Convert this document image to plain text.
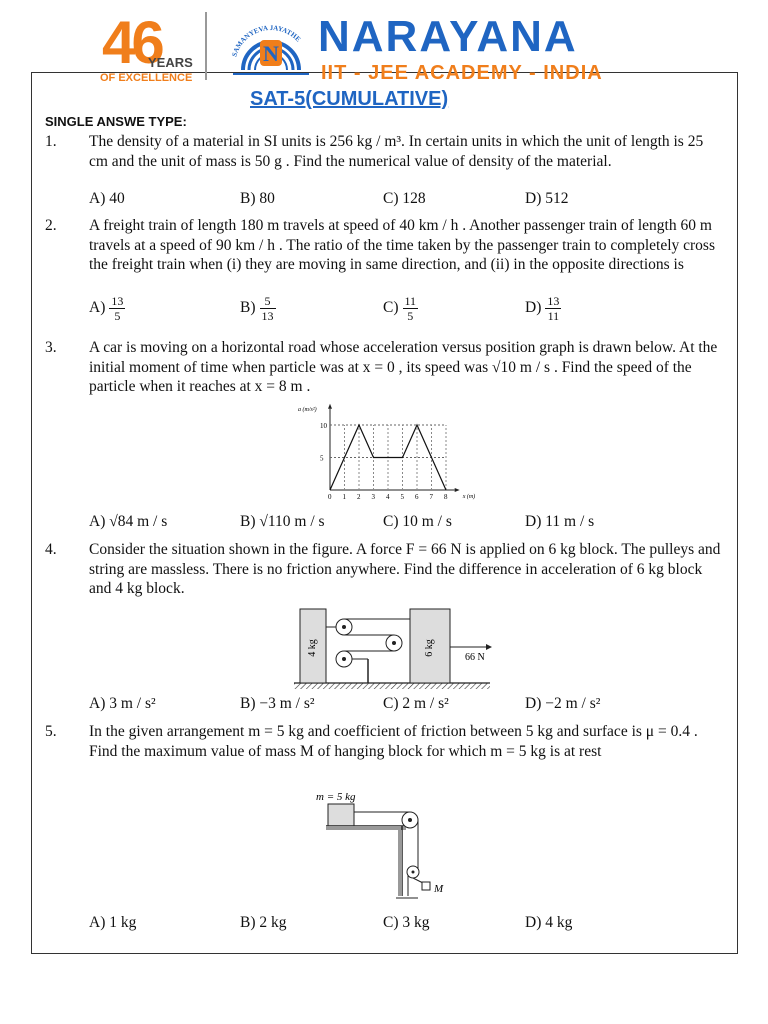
46
YEARS
OF EXCELLENCE
SAMANYEVA JAYATHE
N NARAYANA
IIT - JEE ACADEMY - INDIA
SAT-5(CUMULATIVE)
SINGLE ANSWE TYPE:
1. The density of a material in SI units is 256 kg / m³. In certain units in which the unit of length is 25 cm and the unit of mass is 50 g . Find the numerical value of density of the material.
A) 40	B) 80	C) 128	D) 512
2. A freight train of length 180 m travels at speed of 40 km / h . Another passenger train of length 60 m travels at a speed of 90 km / h . The ratio of the time taken by the passenger train to completely cross the freight train when (i) they are moving in same direction, and (ii) in the opposite directions is
$A) \frac{13}{5}$	$B) \frac{5}{13}$	$C) \frac{11}{5}$	$D) \frac{13}{11}$
3. A car is moving on a horizontal road whose acceleration versus position graph is drawn below. At the initial moment of time when particle was at x = 0 , its speed was √10 m / s . Find the speed of the particle when it reaches at x = 8 m .
a (m/s²)
x (m)
5
10
0 1 2 3 4 5 6 7 8
A) √84 m / s	B) √110 m / s	C) 10 m / s	D) 11 m / s
4. Consider the situation shown in the figure. A force F = 66 N is applied on 6 kg block. The pulleys and string are massless. There is no friction anywhere. Find the difference in acceleration of 6 kg block and 4 kg block.
4 kg	6 kg
66 N
A) 3 m / s²	B) −3 m / s²	C) 2 m / s²	D) −2 m / s²
5. In the given arrangement m = 5 kg and coefficient of friction between 5 kg and surface is μ = 0.4 . Find the maximum value of mass M of hanging block for which m = 5 kg is at rest
m = 5 kg
M
A) 1 kg	B) 2 kg	C) 3 kg	D) 4 kg
